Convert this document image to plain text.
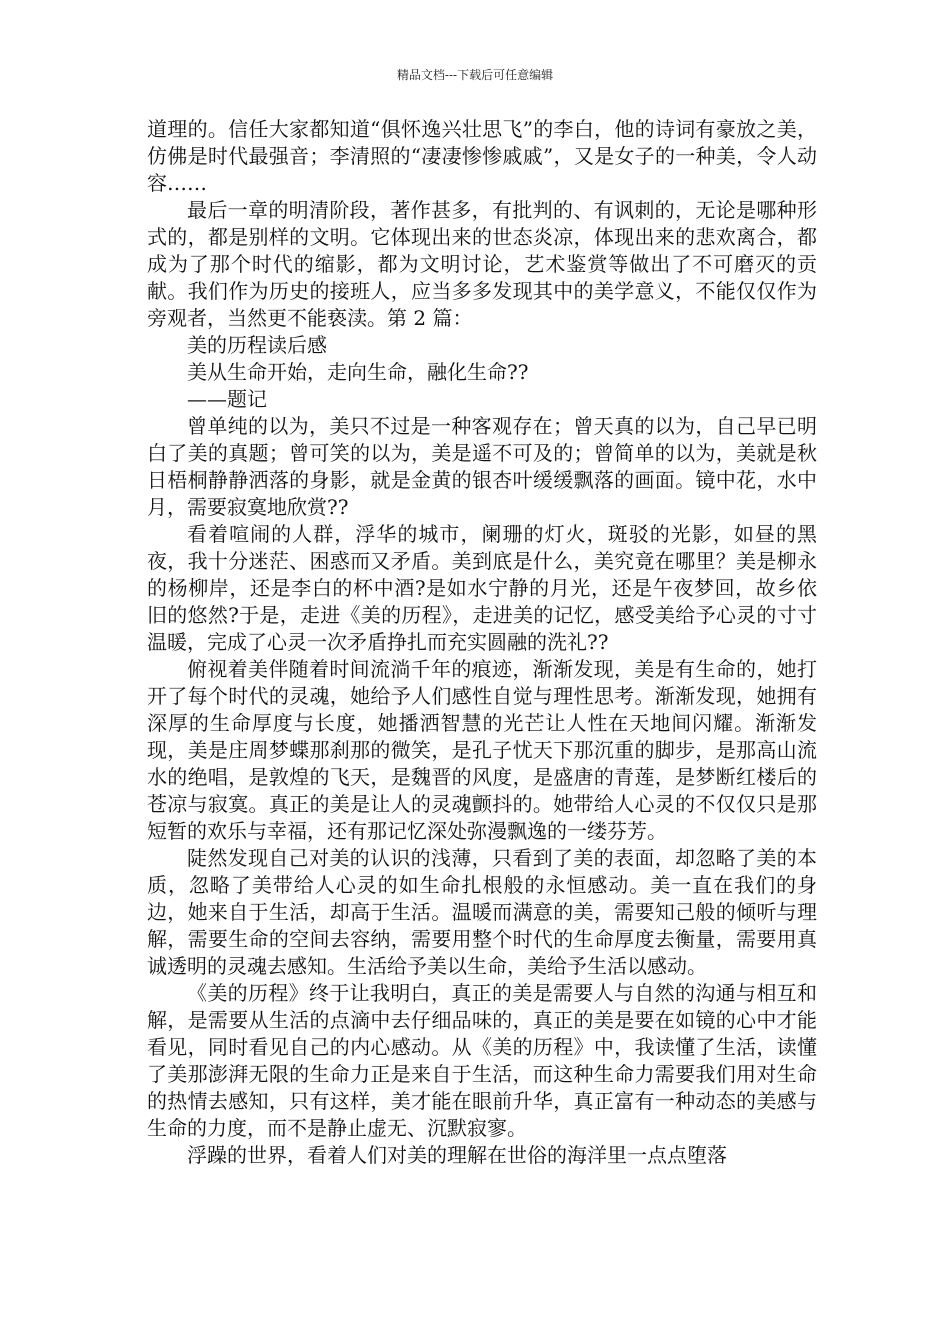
精品文档---下载后可任意编辑

道理的。信任大家都知道“俱怀逸兴壮思飞”的李白，他的诗词有豪放之美，仿佛是时代最强音；李清照的“凄凄惨惨戚戚”，又是女子的一种美，令人动容……

最后一章的明清阶段，著作甚多，有批判的、有讽刺的，无论是哪种形式的，都是别样的文明。它体现出来的世态炎凉，体现出来的悲欢离合，都成为了那个时代的缩影，都为文明讨论，艺术鉴赏等做出了不可磨灭的贡献。我们作为历史的接班人，应当多多发现其中的美学意义，不能仅仅作为旁观者，当然更不能亵渎。第 2 篇：

美的历程读后感

美从生命开始，走向生命，融化生命??

——题记

曾单纯的以为，美只不过是一种客观存在；曾天真的以为，自己早已明白了美的真题；曾可笑的以为，美是遥不可及的；曾简单的以为，美就是秋日梧桐静静洒落的身影，就是金黄的银杏叶缓缓飘落的画面。镜中花，水中月，需要寂寞地欣赏??

看着喧闹的人群，浮华的城市，阑珊的灯火，斑驳的光影，如昼的黑夜，我十分迷茫、困惑而又矛盾。美到底是什么，美究竟在哪里？美是柳永的杨柳岸，还是李白的杯中酒?是如水宁静的月光，还是午夜梦回，故乡依旧的悠然?于是，走进《美的历程》，走进美的记忆，感受美给予心灵的寸寸温暖，完成了心灵一次矛盾挣扎而充实圆融的洗礼??

俯视着美伴随着时间流淌千年的痕迹，渐渐发现，美是有生命的，她打开了每个时代的灵魂，她给予人们感性自觉与理性思考。渐渐发现，她拥有深厚的生命厚度与长度，她播洒智慧的光芒让人性在天地间闪耀。渐渐发现，美是庄周梦蝶那刹那的微笑，是孔子忧天下那沉重的脚步，是那高山流水的绝唱，是敦煌的飞天，是魏晋的风度，是盛唐的青莲，是梦断红楼后的苍凉与寂寞。真正的美是让人的灵魂颤抖的。她带给人心灵的不仅仅只是那短暂的欢乐与幸福，还有那记忆深处弥漫飘逸的一缕芬芳。

陡然发现自己对美的认识的浅薄，只看到了美的表面，却忽略了美的本质，忽略了美带给人心灵的如生命扎根般的永恒感动。美一直在我们的身边，她来自于生活，却高于生活。温暖而满意的美，需要知己般的倾听与理解，需要生命的空间去容纳，需要用整个时代的生命厚度去衡量，需要用真诚透明的灵魂去感知。生活给予美以生命，美给予生活以感动。

《美的历程》终于让我明白，真正的美是需要人与自然的沟通与相互和解，是需要从生活的点滴中去仔细品味的，真正的美是要在如镜的心中才能看见，同时看见自己的内心感动。从《美的历程》中，我读懂了生活，读懂了美那澎湃无限的生命力正是来自于生活，而这种生命力需要我们用对生命的热情去感知，只有这样，美才能在眼前升华，真正富有一种动态的美感与生命的力度，而不是静止虚无、沉默寂寥。

浮躁的世界，看着人们对美的理解在世俗的海洋里一点点堕落
